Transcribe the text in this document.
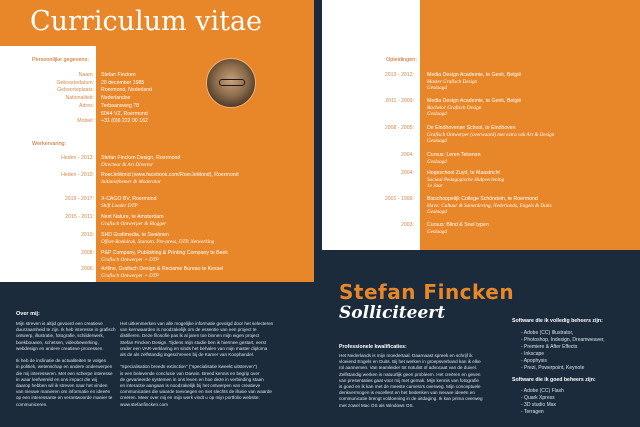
Curriculum vitae
Persoonlijke gegevens:
Naam: Stefan Fincken
Geboortedatum: 20 december 1985
Geboorteplaats: Roermond, Nederland
Nationaliteit: Nederlandse
Adres: Terbaansweg 78
6044 VZ, Roermond
Mobiel: +31 (0)6 222 00 162
Werkervaring:
Heden - 2013: Stefan Fincken Design, Roermond
Directeur & Art Director
Heden - 2010: RoerJeMond (www.facebook.com/RoerJeMond), Roermond
Initiatiefnemer & Moderator
2019 - 2017: X-CAGO BV, Roermond
Shift Leader DTP
2015 - 2011: Next Nature, te Amsterdam
Grafisch Ontwerper & Blogger
2010: SHD Grafimedia, te Swalmen
Offset-Boekdruk, Stansen, Pre-press, DTP, Netwerking
2008: P&P Company, Publishing & Printing Company te Beek
Grafisch Ontwerper + DTP
2006: Artline, Grafisch Design & Reclame Bureau te Kessel
Grafisch Ontwerper + DTP
Opleidingen:
2013 - 2012:	Media Design Academie, te Genk, België
Master Grafisch Design
Geslaagd
2011 - 2009:	Media Design Academie, te Genk, België
Bachelor Grafisch Design
Geslaagd
2008 - 2005:	De Eindhovense School, te Eindhoven
Grafisch Ontwerper (overwaard) met extra vak Art & Design
Geslaagd
2004:	Cursus: Leren Tekenen
Geslaagd
2004:	Hogeschool Zuyd, te Maastricht
Sociaal Pedagogische Hulpverlening
1e Jaar
2001 - 1999:	Bisschoppelijk College Schöndeln, te Roermond
Havo: Cultuur & Samenleving, Nederlands, Engels & Duits
Geslaagd
2003:	Cursus: Blind & Snel typen
Geslaagd
Over mij:
Mijn streven is altijd gevoerd een creatieve
duurzaamheid te zijn. Ik heb interesse in grafisch
ontwerp, illustratie, fotografie, schilderwerk,
boekbouwen, schetsen, videobewerking,
webdesign en andere creatieve processen.

Ik heb de inclinatie de actualiteiten te volgen
in politiek, wetenschap en andere onderwerpen
die mij interesseren. Met een scherpe interesse
in waar leefwereld en ons impact die wij
daarop hebben wil ik streven naar het vinden
van nieuwe manieren om informatie en ideeën
op een interessante en verantwoorde manier te
communiceren.
Het uitkenmerken van alle mogelijke informatie gevolgd door het selecteren
van kernwaarden is noodzakelijk om de essentie van een project te
distilleren. Deze filosofie pas ik al jaren toe binnen mijn eigen project
Stefan Fincken Design. Tijdens mijn studie ben ik hiermee gestart, eerst
onder een VAR-verklaring en sinds het behalen van mijn master diploma
als de als zelfstandig ingeschreven bij de Kamer van Koophandel.

"Specialisation breeds extinction" ("specialisatie kweekt uitsterven")
is een belevende conclusie van Darwin. Breed kennis en begrip over
de gevarieerde systemen in ons leven en hoe deze in verbinding staan
en interactie aangaan is noodzakelijk bij het ontwerpen van creatieve
communicaties die waarde toevoegen en niet slechts de illusie van waarde
creëren. Meer over mij en mijn werk vindt u op mijn portfolio website:
www.stefanfincken.com
Stefan Fincken
Solliciteert
Professionele kwalificaties:
Het Nederlands is mijn moedertaal. Daarnaast spreek en schrijf ik
vloeiend Engels en Duits. Bij het werken in groepsverband kan ik elke
rol aannemen. Van teamleider tot notulist of advocaat van de duivel.
Zelfstandig werken is natuurlijk geen probleem. Het creëren en geven
van presentaties gaat voor mij met gemak. Mijn kennis van fotografie
is goed en ik kan met de meeste camera's overweg. Mijn conceptuele
denkvermogen is excellent en het bedenken van nieuwe ideeën en
communicatie brengt voldoening in de uitdaging. Ik kan prima overweg
met zowel Mac OS als Windows OS.
Software die ik volledig beheers zijn:
- Adobe (CC) Illustrator,
- Photoshop, Indesign, Dreamweaver,
- Premiere & After Effects
- Inkscape
- Apophysis
- Prezi, Powerpoint, Keynote
Software die ik goed beheers zijn:
- Adobe (CC) Flash
- Quark Xpress
- 3D studio Max
- Terragen
